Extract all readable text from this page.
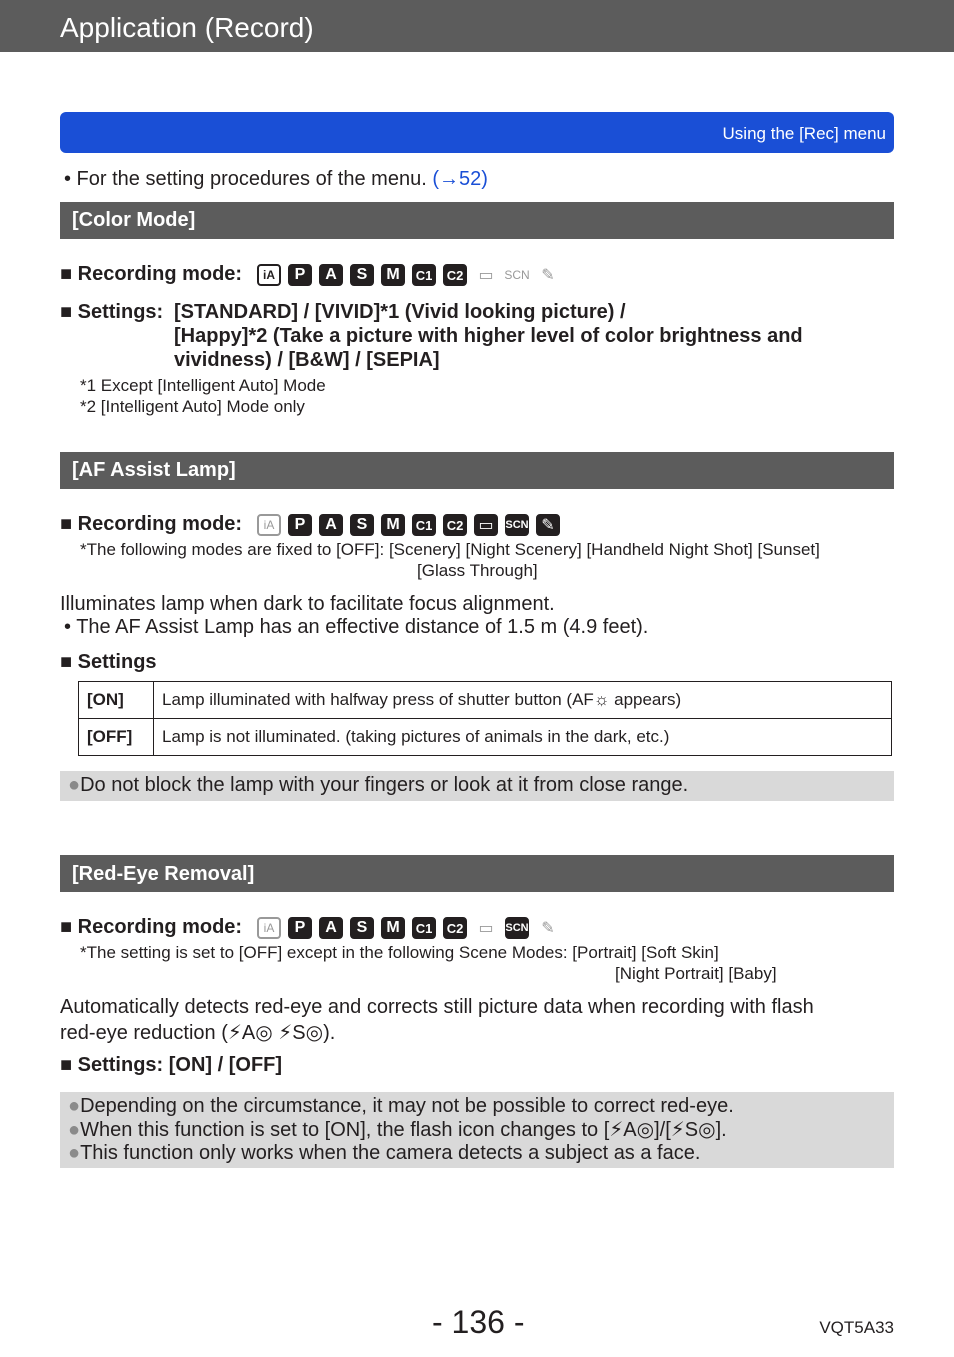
Application (Record)
Using the [Rec] menu
• For the setting procedures of the menu. (→52)
[Color Mode]
■ Recording mode:	iA	P	A	S	M	C1 C2 ▭ SCN ✎
■ Settings: [STANDARD] / [VIVID]*1 (Vivid looking picture) /
[Happy]*2 (Take a picture with higher level of color brightness and
vividness) / [B&W] / [SEPIA]
*1 Except [Intelligent Auto] Mode
*2 [Intelligent Auto] Mode only
[AF Assist Lamp]
■ Recording mode:	iA	P	A	S	M	C1 C2 ▭	SCN ✎
*The following modes are fixed to [OFF]: [Scenery] [Night Scenery] [Handheld Night Shot] [Sunset]
[Glass Through]
Illuminates lamp when dark to facilitate focus alignment.
• The AF Assist Lamp has an effective distance of 1.5 m (4.9 feet).
■ Settings
[ON]	Lamp illuminated with halfway press of shutter button (AF☼ appears)
[OFF]	Lamp is not illuminated. (taking pictures of animals in the dark, etc.)
●Do not block the lamp with your fingers or look at it from close range.
[Red-Eye Removal]
■ Recording mode:	iA	P	A	S	M	C1 C2 ▭	SCN ✎
*The setting is set to [OFF] except in the following Scene Modes: [Portrait] [Soft Skin]
[Night Portrait] [Baby]
Automatically detects red-eye and corrects still picture data when recording with flash
red-eye reduction (⚡A◎ ⚡S◎).
■ Settings: [ON] / [OFF]
●Depending on the circumstance, it may not be possible to correct red-eye.
●When this function is set to [ON], the flash icon changes to [⚡A◎]/[⚡S◎].
●This function only works when the camera detects a subject as a face.
- 136 -	VQT5A33
